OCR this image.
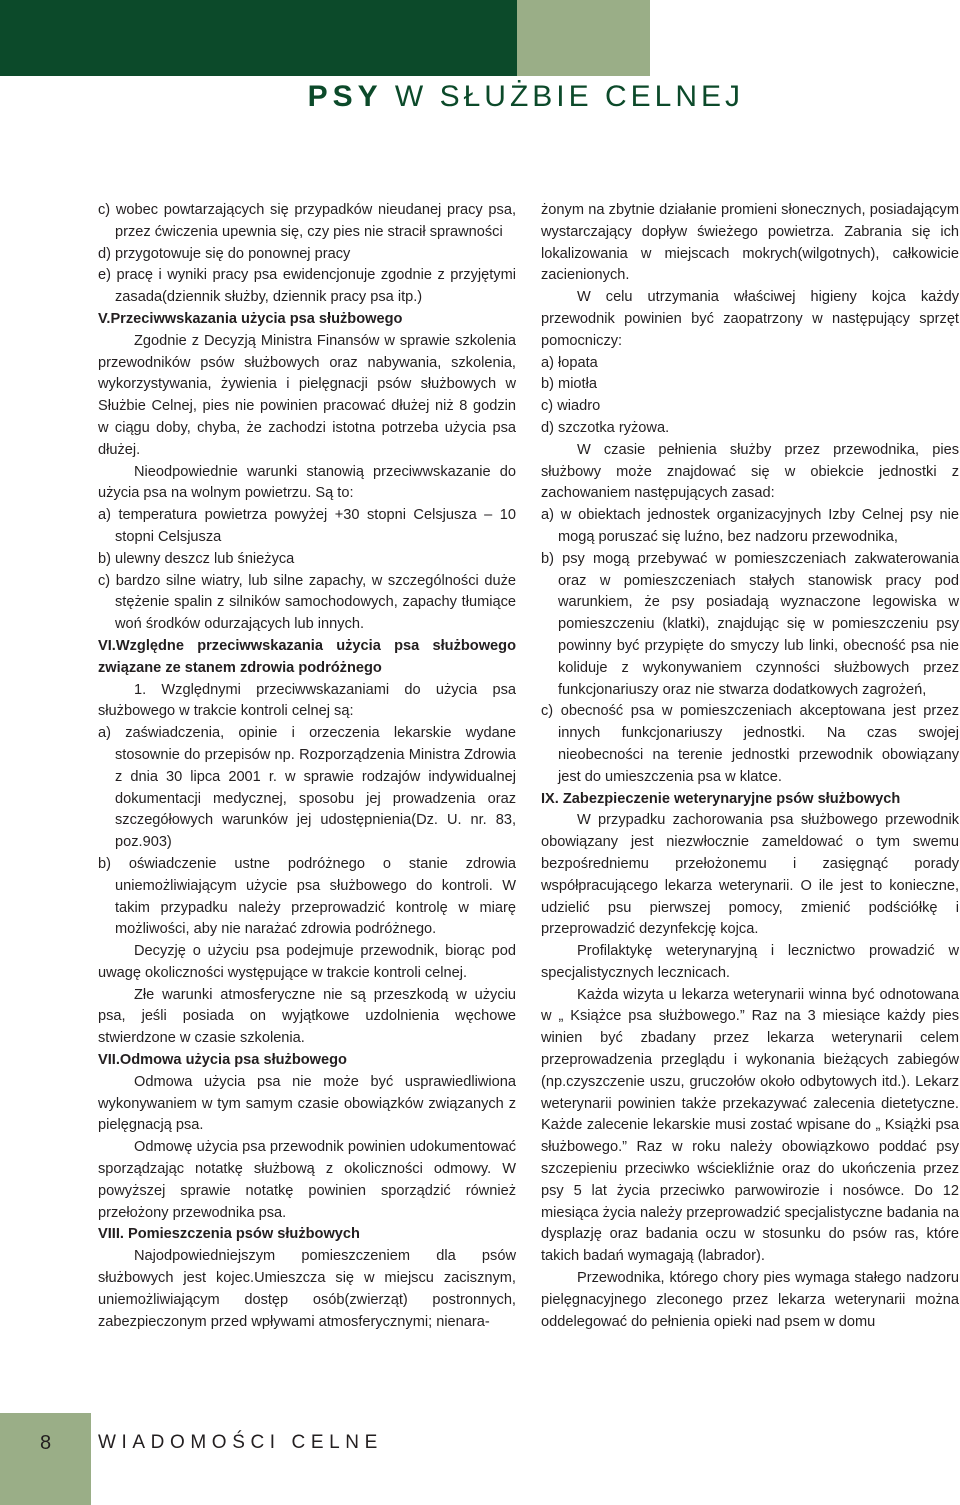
PSY W SŁUŻBIE CELNEJ

c) wobec powtarzających się przypadków nieudanej pracy psa, przez ćwiczenia upewnia się, czy pies nie stracił sprawności

d) przygotowuje się do ponownej pracy

e) pracę i wyniki pracy psa ewidencjonuje zgodnie z przyjętymi zasada(dziennik służby, dziennik pracy psa itp.)

V.Przeciwwskazania użycia psa służbowego

Zgodnie z Decyzją Ministra Finansów w sprawie szkolenia przewodników psów służbowych oraz nabywania, szkolenia, wykorzystywania, żywienia i pielęgnacji psów służbowych w Służbie Celnej, pies nie powinien pracować dłużej niż 8 godzin w ciągu doby, chyba, że zachodzi istotna potrzeba użycia psa dłużej.

Nieodpowiednie warunki stanowią przeciwwskazanie do użycia psa na wolnym powietrzu. Są to:

a) temperatura powietrza powyżej +30 stopni Celsjusza – 10 stopni Celsjusza

b) ulewny deszcz lub śnieżyca

c) bardzo silne wiatry, lub silne zapachy, w szczególności duże stężenie spalin z silników samochodowych, zapachy tłumiące woń środków odurzających lub innych.

VI.Względne przeciwwskazania użycia psa służbowego związane ze stanem zdrowia podróżnego

1. Względnymi przeciwwskazaniami do użycia psa służbowego w trakcie kontroli celnej są:

a) zaświadczenia, opinie i orzeczenia lekarskie wydane stosownie do przepisów np. Rozporządzenia Ministra Zdrowia z dnia 30 lipca 2001 r. w sprawie rodzajów indywidualnej dokumentacji medycznej, sposobu jej prowadzenia oraz szczegółowych warunków jej udostępnienia(Dz. U. nr. 83, poz.903)

b) oświadczenie ustne podróżnego o stanie zdrowia uniemożliwiającym użycie psa służbowego do kontroli. W takim przypadku należy przeprowadzić kontrolę w miarę możliwości, aby nie narażać zdrowia podróżnego.

Decyzję o użyciu psa podejmuje przewodnik, biorąc pod uwagę okoliczności występujące w trakcie kontroli celnej.

Złe warunki atmosferyczne nie są przeszkodą w użyciu psa, jeśli posiada on wyjątkowe uzdolnienia węchowe stwierdzone w czasie szkolenia.

VII.Odmowa użycia psa służbowego

Odmowa użycia psa nie może być usprawiedliwiona wykonywaniem w tym samym czasie obowiązków związanych z pielęgnacją psa.

Odmowę użycia psa przewodnik powinien udokumentować sporządzając notatkę służbową z okoliczności odmowy. W powyższej sprawie notatkę powinien sporządzić również przełożony przewodnika psa.

VIII. Pomieszczenia psów służbowych

Najodpowiedniejszym pomieszczeniem dla psów służbowych jest kojec.Umieszcza się w miejscu zacisznym, uniemożliwiającym dostęp osób(zwierząt) postronnych, zabezpieczonym przed wpływami atmosferycznymi; nienara-

żonym na zbytnie działanie promieni słonecznych, posiadającym wystarczający dopływ świeżego powietrza. Zabrania się ich lokalizowania w miejscach mokrych(wilgotnych), całkowicie zacienionych.

W celu utrzymania właściwej higieny kojca każdy przewodnik powinien być zaopatrzony w następujący sprzęt pomocniczy:

a) łopata

b) miotła

c) wiadro

d) szczotka ryżowa.

W czasie pełnienia służby przez przewodnika, pies służbowy może znajdować się w obiekcie jednostki z zachowaniem następujących zasad:

a) w obiektach jednostek organizacyjnych Izby Celnej psy nie mogą poruszać się luźno, bez nadzoru przewodnika,

b) psy mogą przebywać w pomieszczeniach zakwaterowania oraz w pomieszczeniach stałych stanowisk pracy pod warunkiem, że psy posiadają wyznaczone legowiska w pomieszczeniu (klatki), znajdując się w pomieszczeniu psy powinny być przypięte do smyczy lub linki, obecność psa nie koliduje z wykonywaniem czynności służbowych przez funkcjonariuszy oraz nie stwarza dodatkowych zagrożeń,

c) obecność psa w pomieszczeniach akceptowana jest przez innych funkcjonariuszy jednostki. Na czas swojej nieobecności na terenie jednostki przewodnik obowiązany jest do umieszczenia psa w klatce.

IX. Zabezpieczenie weterynaryjne psów służbowych

W przypadku zachorowania psa służbowego przewodnik obowiązany jest niezwłocznie zameldować o tym swemu bezpośredniemu przełożonemu i zasięgnąć porady współpracującego lekarza weterynarii. O ile jest to konieczne, udzielić psu pierwszej pomocy, zmienić podściółkę i przeprowadzić dezynfekcję kojca.

Profilaktykę weterynaryjną i lecznictwo prowadzić w specjalistycznych lecznicach.

Każda wizyta u lekarza weterynarii winna być odnotowana w „ Książce psa służbowego.” Raz na 3 miesiące każdy pies winien być zbadany przez lekarza weterynarii celem przeprowadzenia przeglądu i wykonania bieżących zabiegów (np.czyszczenie uszu, gruczołów około odbytowych itd.). Lekarz weterynarii powinien także przekazywać zalecenia dietetyczne. Każde zalecenie lekarskie musi zostać wpisane do „ Książki psa służbowego.” Raz w roku należy obowiązkowo poddać psy szczepieniu przeciwko wściekliźnie oraz do ukończenia przez psy 5 lat życia przeciwko parwowirozie i nosówce. Do 12 miesiąca życia należy przeprowadzić specjalistyczne badania na dysplazję oraz badania oczu w stosunku do psów ras, które takich badań wymagają (labrador).

Przewodnika, którego chory pies wymaga stałego nadzoru pielęgnacyjnego zleconego przez lekarza weterynarii można oddelegować do pełnienia opieki nad psem w domu

8	WIADOMOŚCI CELNE
